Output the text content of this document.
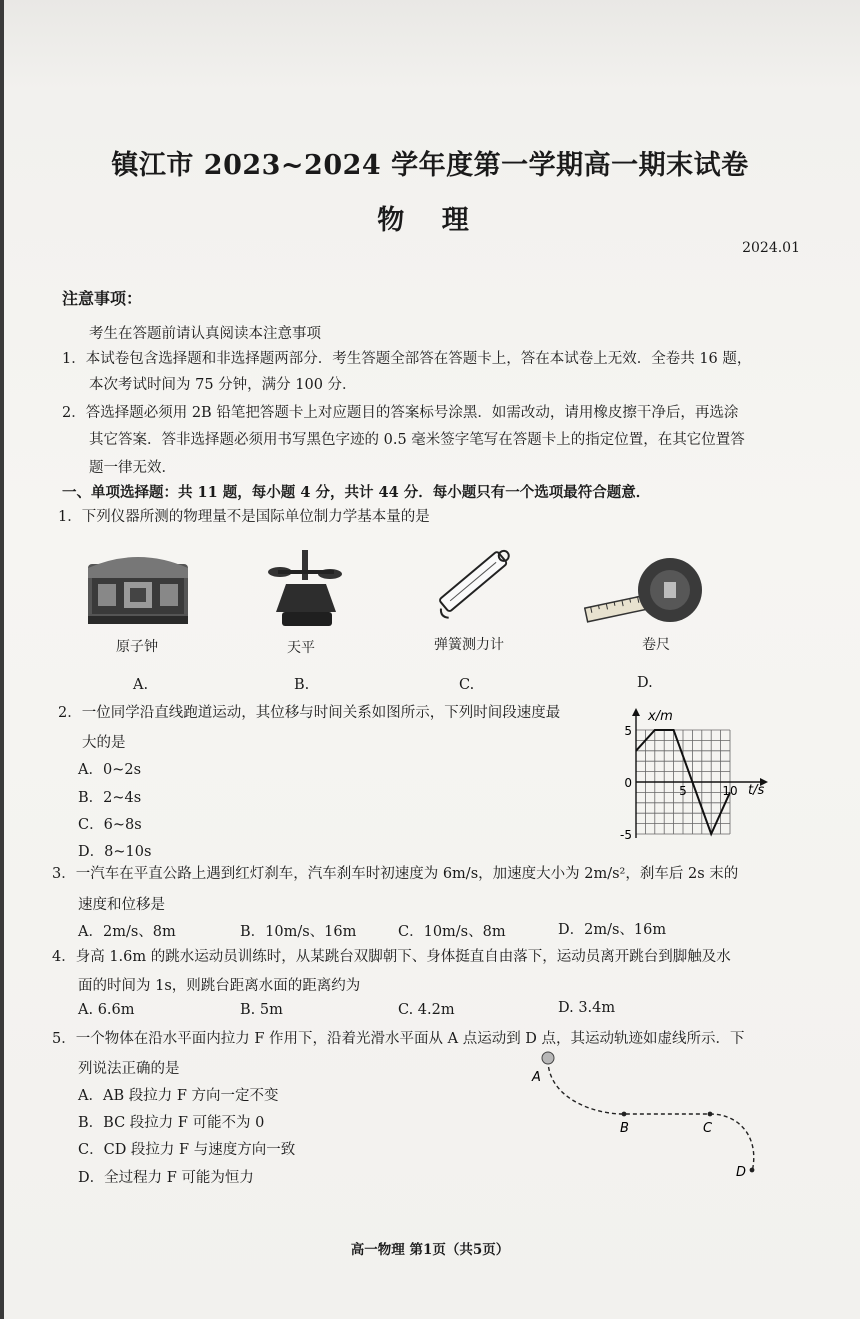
镇江市 2023~2024 学年度第一学期高一期末试卷
物 理
2024.01
注意事项：
考生在答题前请认真阅读本注意事项
1．本试卷包含选择题和非选择题两部分．考生答题全部答在答题卡上，答在本试卷上无效．全卷共 16 题，
本次考试时间为 75 分钟，满分 100 分．
2．答选择题必须用 2B 铅笔把答题卡上对应题目的答案标号涂黑．如需改动，请用橡皮擦干净后，再选涂
其它答案．答非选择题必须用书写黑色字迹的 0.5 毫米签字笔写在答题卡上的指定位置，在其它位置答
题一律无效．
一、单项选择题：共 11 题，每小题 4 分，共计 44 分．每小题只有一个选项最符合题意．
1．下列仪器所测的物理量不是国际单位制力学基本量的是
原子钟
A.
天平
B.
弹簧测力计
C.
卷尺
D.
2．一位同学沿直线跑道运动，其位移与时间关系如图所示，下列时间段速度最
大的是
A．0~2s
B．2~4s
C．6~8s
D．8~10s
5
0
-5
5	10
x/m
t/s
3．一汽车在平直公路上遇到红灯刹车，汽车刹车时初速度为 6m/s，加速度大小为 2m/s²，刹车后 2s 末的
速度和位移是
A．2m/s、8m	B．10m/s、16m	C．10m/s、8m	D．2m/s、16m
4．身高 1.6m 的跳水运动员训练时，从某跳台双脚朝下、身体挺直自由落下，运动员离开跳台到脚触及水
面的时间为 1s，则跳台距离水面的距离约为
A. 6.6m	B. 5m	C. 4.2m	D. 3.4m
5．一个物体在沿水平面内拉力 F 作用下，沿着光滑水平面从 A 点运动到 D 点，其运动轨迹如虚线所示．下
列说法正确的是
A．AB 段拉力 F 方向一定不变
B．BC 段拉力 F 可能不为 0
C．CD 段拉力 F 与速度方向一致
D．全过程力 F 可能为恒力
A
B	C
D
高一物理 第1页（共5页）
